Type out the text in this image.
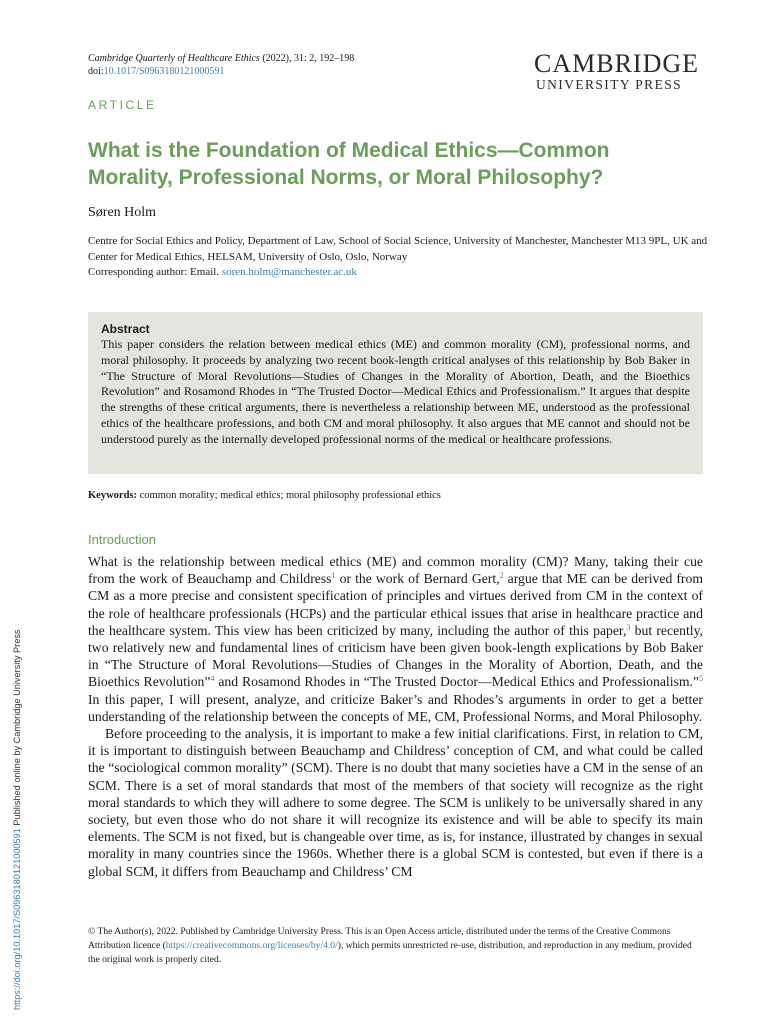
https://doi.org/10.1017/S0963180121000591 Published online by Cambridge University Press
Cambridge Quarterly of Healthcare Ethics (2022), 31: 2, 192–198
doi:10.1017/S0963180121000591	CAMBRIDGE
UNIVERSITY PRESS
ARTICLE
What is the Foundation of Medical Ethics—Common Morality, Professional Norms, or Moral Philosophy?
Søren Holm
Centre for Social Ethics and Policy, Department of Law, School of Social Science, University of Manchester, Manchester M13 9PL, UK and Center for Medical Ethics, HELSAM, University of Oslo, Oslo, Norway
Corresponding author: Email. soren.holm@manchester.ac.uk
Abstract

This paper considers the relation between medical ethics (ME) and common morality (CM), professional norms, and moral philosophy. It proceeds by analyzing two recent book-length critical analyses of this relationship by Bob Baker in “The Structure of Moral Revolutions—Studies of Changes in the Morality of Abortion, Death, and the Bioethics Revolution” and Rosamond Rhodes in “The Trusted Doctor—Medical Ethics and Professionalism.” It argues that despite the strengths of these critical arguments, there is nevertheless a relationship between ME, understood as the professional ethics of the healthcare professions, and both CM and moral philosophy. It also argues that ME cannot and should not be understood purely as the internally developed professional norms of the medical or healthcare professions.

Keywords: common morality; medical ethics; moral philosophy professional ethics
Introduction

What is the relationship between medical ethics (ME) and common morality (CM)? Many, taking their cue from the work of Beauchamp and Childress$^1$ or the work of Bernard Gert,$^2$ argue that ME can be derived from CM as a more precise and consistent specification of principles and virtues derived from CM in the context of the role of healthcare professionals (HCPs) and the particular ethical issues that arise in healthcare practice and the healthcare system. This view has been criticized by many, including the author of this paper,$^3$ but recently, two relatively new and fundamental lines of criticism have been given book-length explications by Bob Baker in “The Structure of Moral Revolutions—Studies of Changes in the Morality of Abortion, Death, and the Bioethics Revolution”$^4$ and Rosamond Rhodes in “The Trusted Doctor—Medical Ethics and Professionalism.”$^5$ In this paper, I will present, analyze, and criticize Baker’s and Rhodes’s arguments in order to get a better understanding of the relationship between the concepts of ME, CM, Professional Norms, and Moral Philosophy.

Before proceeding to the analysis, it is important to make a few initial clarifications. First, in relation to CM, it is important to distinguish between Beauchamp and Childress’ conception of CM, and what could be called the “sociological common morality” (SCM). There is no doubt that many societies have a CM in the sense of an SCM. There is a set of moral standards that most of the members of that society will recognize as the right moral standards to which they will adhere to some degree. The SCM is unlikely to be universally shared in any society, but even those who do not share it will recognize its existence and will be able to specify its main elements. The SCM is not fixed, but is changeable over time, as is, for instance, illustrated by changes in sexual morality in many countries since the 1960s. Whether there is a global SCM is contested, but even if there is a global SCM, it differs from Beauchamp and Childress’ CM

© The Author(s), 2022. Published by Cambridge University Press. This is an Open Access article, distributed under the terms of the Creative Commons Attribution licence (https://creativecommons.org/licenses/by/4.0/), which permits unrestricted re-use, distribution, and reproduction in any medium, provided the original work is properly cited.
